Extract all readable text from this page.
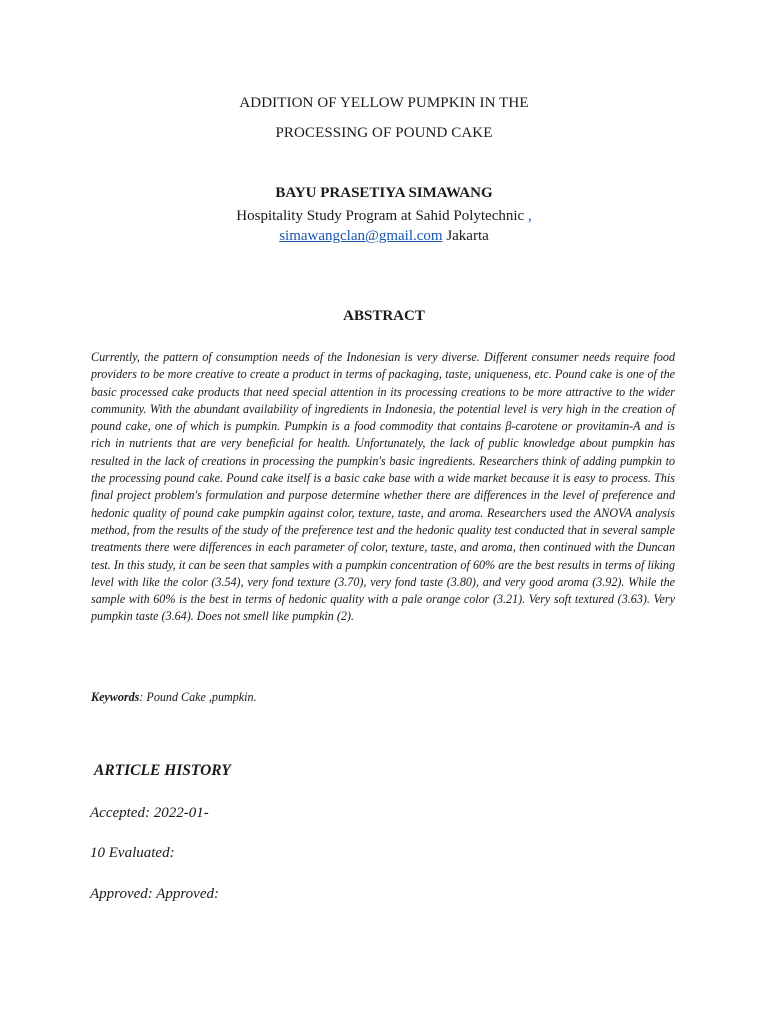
ADDITION OF YELLOW PUMPKIN IN THE
PROCESSING OF POUND CAKE
BAYU PRASETIYA SIMAWANG
Hospitality Study Program at Sahid Polytechnic ,
simawangclan@gmail.com Jakarta
ABSTRACT
Currently, the pattern of consumption needs of the Indonesian is very diverse. Different consumer needs require food providers to be more creative to create a product in terms of packaging, taste, uniqueness, etc. Pound cake is one of the basic processed cake products that need special attention in its processing creations to be more attractive to the wider community. With the abundant availability of ingredients in Indonesia, the potential level is very high in the creation of pound cake, one of which is pumpkin. Pumpkin is a food commodity that contains β-carotene or provitamin-A and is rich in nutrients that are very beneficial for health. Unfortunately, the lack of public knowledge about pumpkin has resulted in the lack of creations in processing the pumpkin's basic ingredients. Researchers think of adding pumpkin to the processing pound cake. Pound cake itself is a basic cake base with a wide market because it is easy to process. This final project problem's formulation and purpose determine whether there are differences in the level of preference and hedonic quality of pound cake pumpkin against color, texture, taste, and aroma. Researchers used the ANOVA analysis method, from the results of the study of the preference test and the hedonic quality test conducted that in several sample treatments there were differences in each parameter of color, texture, taste, and aroma, then continued with the Duncan test. In this study, it can be seen that samples with a pumpkin concentration of 60% are the best results in terms of liking level with like the color (3.54), very fond texture (3.70), very fond taste (3.80), and very good aroma (3.92). While the sample with 60% is the best in terms of hedonic quality with a pale orange color (3.21). Very soft textured (3.63). Very pumpkin taste (3.64). Does not smell like pumpkin (2).
Keywords: Pound Cake ,pumpkin.
ARTICLE HISTORY
Accepted: 2022-01-
10 Evaluated:
Approved: Approved:
